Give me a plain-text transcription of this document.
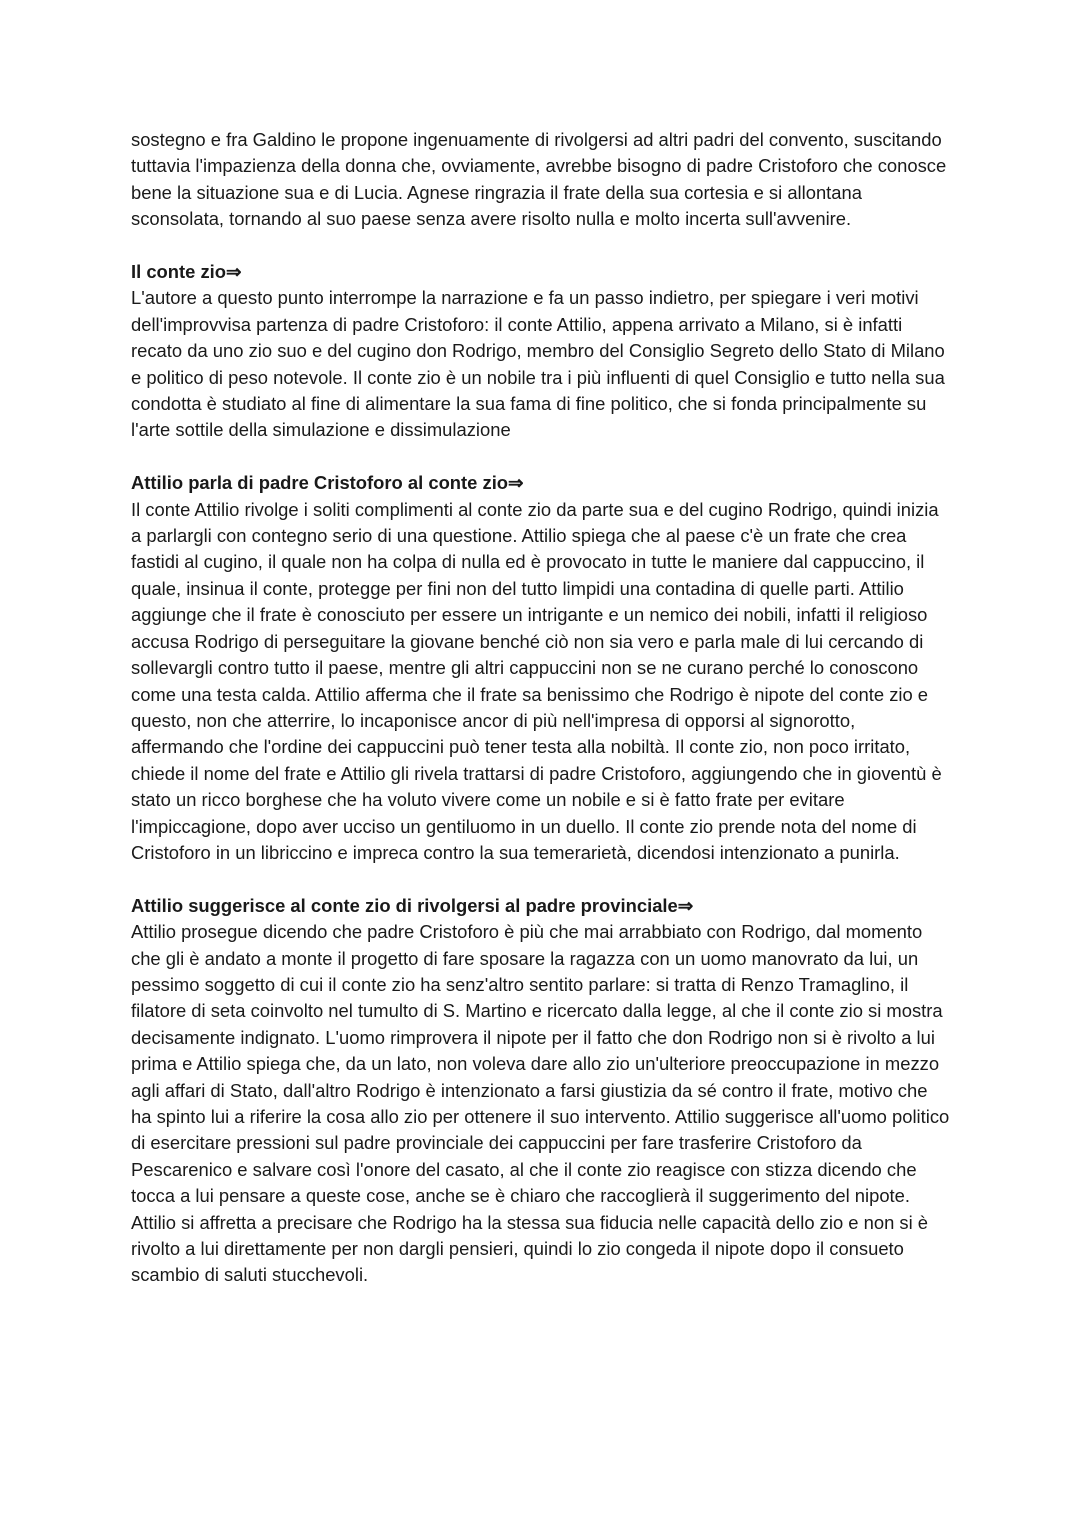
sostegno e fra Galdino le propone ingenuamente di rivolgersi ad altri padri del convento, suscitando tuttavia l'impazienza della donna che, ovviamente, avrebbe bisogno di padre Cristoforo che conosce bene la situazione sua e di Lucia. Agnese ringrazia il frate della sua cortesia e si allontana sconsolata, tornando al suo paese senza avere risolto nulla e molto incerta sull'avvenire.

Il conte zio⇒

L'autore a questo punto interrompe la narrazione e fa un passo indietro, per spiegare i veri motivi dell'improvvisa partenza di padre Cristoforo: il conte Attilio, appena arrivato a Milano, si è infatti recato da uno zio suo e del cugino don Rodrigo, membro del Consiglio Segreto dello Stato di Milano e politico di peso notevole. Il conte zio è un nobile tra i più influenti di quel Consiglio e tutto nella sua condotta è studiato al fine di alimentare la sua fama di fine politico, che si fonda principalmente su l'arte sottile della simulazione e dissimulazione

Attilio parla di padre Cristoforo al conte zio⇒

Il conte Attilio rivolge i soliti complimenti al conte zio da parte sua e del cugino Rodrigo, quindi inizia a parlargli con contegno serio di una questione. Attilio spiega che al paese c'è un frate che crea fastidi al cugino, il quale non ha colpa di nulla ed è provocato in tutte le maniere dal cappuccino, il quale, insinua il conte, protegge per fini non del tutto limpidi una contadina di quelle parti. Attilio aggiunge che il frate è conosciuto per essere un intrigante e un nemico dei nobili, infatti il religioso accusa Rodrigo di perseguitare la giovane benché ciò non sia vero e parla male di lui cercando di sollevargli contro tutto il paese, mentre gli altri cappuccini non se ne curano perché lo conoscono come una testa calda. Attilio afferma che il frate sa benissimo che Rodrigo è nipote del conte zio e questo, non che atterrire, lo incaponisce ancor di più nell'impresa di opporsi al signorotto, affermando che l'ordine dei cappuccini può tener testa alla nobiltà. Il conte zio, non poco irritato, chiede il nome del frate e Attilio gli rivela trattarsi di padre Cristoforo, aggiungendo che in gioventù è stato un ricco borghese che ha voluto vivere come un nobile e si è fatto frate per evitare l'impiccagione, dopo aver ucciso un gentiluomo in un duello. Il conte zio prende nota del nome di Cristoforo in un libriccino e impreca contro la sua temerarietà, dicendosi intenzionato a punirla.

Attilio suggerisce al conte zio di rivolgersi al padre provinciale⇒

Attilio prosegue dicendo che padre Cristoforo è più che mai arrabbiato con Rodrigo, dal momento che gli è andato a monte il progetto di fare sposare la ragazza con un uomo manovrato da lui, un pessimo soggetto di cui il conte zio ha senz'altro sentito parlare: si tratta di Renzo Tramaglino, il filatore di seta coinvolto nel tumulto di S. Martino e ricercato dalla legge, al che il conte zio si mostra decisamente indignato. L'uomo rimprovera il nipote per il fatto che don Rodrigo non si è rivolto a lui prima e Attilio spiega che, da un lato, non voleva dare allo zio un'ulteriore preoccupazione in mezzo agli affari di Stato, dall'altro Rodrigo è intenzionato a farsi giustizia da sé contro il frate, motivo che ha spinto lui a riferire la cosa allo zio per ottenere il suo intervento. Attilio suggerisce all'uomo politico di esercitare pressioni sul padre provinciale dei cappuccini per fare trasferire Cristoforo da Pescarenico e salvare così l'onore del casato, al che il conte zio reagisce con stizza dicendo che tocca a lui pensare a queste cose, anche se è chiaro che raccoglierà il suggerimento del nipote. Attilio si affretta a precisare che Rodrigo ha la stessa sua fiducia nelle capacità dello zio e non si è rivolto a lui direttamente per non dargli pensieri, quindi lo zio congeda il nipote dopo il consueto scambio di saluti stucchevoli.
